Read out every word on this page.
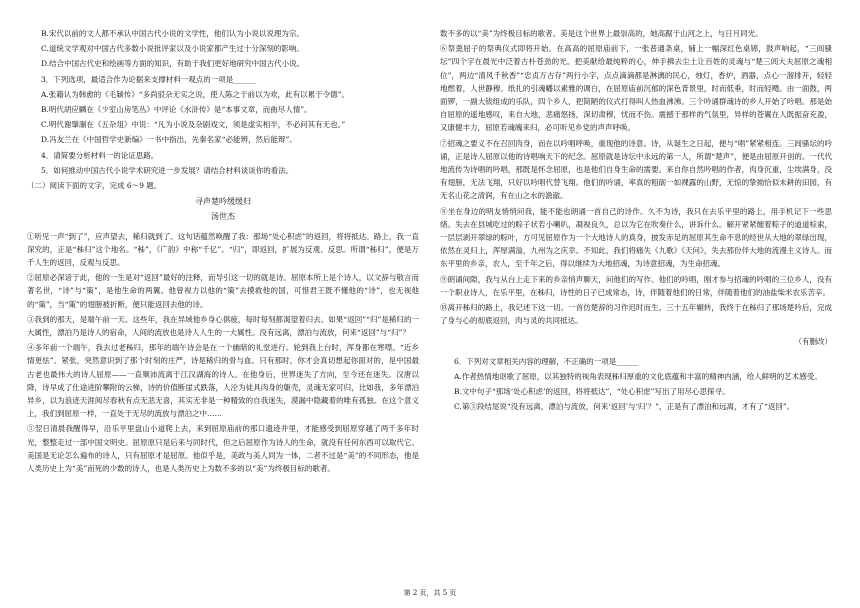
B.宋代以前的文人都不承认中国古代小说的文学性，他们认为小说以说理为宗。

C.道统文学观对中国古代多数小说批评家以及小说家都产生过十分深刻的影响。

D.结合中国古代史和绘画等方面的知识，有助于我们更好地研究中国古代小说。

3．下列选项，最适合作为论据来支撑材料一观点的一项是______

A.张籍认为韩愈的《毛颖传》“多尚驳杂无实之说，使人陈之于前以为欢，此有以累于令德”。

B.明代胡应麟在《少室山房笔丛》中评论《水浒传》是“本事文章，而曲尽人情”。

C.明代谢肇淛在《五杂俎》中说：“凡为小说及杂剧戏文，须是虚实相半，不必问其有无也。”

D.冯友兰在《中国哲学史新编》一书中指出，先秦名家“必能辨，然后能辩”。

4．请简要分析材料一的论证思路。

5．如何推动中国古代小说学术研究进一步发展？请结合材料谈谈你的看法。

（二）阅读下面的文字，完成 6～9 题。

寻声楚吟缓缓归

汤世杰

①听见一声“到了”，应声望去，稀归就到了。这句话蕴然唤醒了我：那场“处心积虑”的返回，将将抵达。路上，我一直深究的，正是“秭归”这个地名。“秭”，《广韵》中称“千亿”。“归”，即返回，扩展为反观、反思。所谓“秭归”，便是万千人生的返回，反观与反思。

②屈原必深谙于此，他的一生是对“返回”最好的注释，而导引这一切的就是诗。屈原本所上是个诗人，以文辞与敬言而著名世，“诗”与“策”，是他生命的两翼。他曾视力以他的“策”去摸救他的国，可惜君王既不懂他的“诗”，也无视他的“策”，当“策”的翅膀被折断，便只能返回去他的诗。

③我到的那天，是端午前一天。这些年，我在异域他乡身心俱疲，每时每刻都渴望着归去。如果“返回”“归”是稀归的一大属性，漂泊乃是诗人的宿命，人间的流放也是诗人人生的一大属性。没有远离，漂泊与流放，何来“返回”与“归”？

④多年前一个端午，我去过老秭归，那年的端午诗会是在一个幽暗的礼堂进行。轮到我上台时，浑身都在寒噤。“近乡情更怯”。紧张，突然意识到了那个时刻的庄严，诗是稀归的骨与血。只有那时，你才会真切想起你面对的，是中国最古老也最伟大的诗人屈原——一直顺沛流离于江汉湖海的诗人。在他身后，世界迷失了方向，至今还在迷失。汉唐以降，诗早成了仕途进阶攀附的云梯，诗的价值断崖式跌落，人沦为徒具肉身的躯壳，灵魂无家可归，比如我，多年漂泊异乡，以为浪迹天涯阅尽春秋有点无悲无喜，其实无非是一种精致的自我迷失，漠漏中隐藏着的唯有孤独。在这个意义上，我们到屈原一样，一直处于无尽的流放与漂泊之中……

⑤翌日清晨我醒得早，沿乐平里盘山小道爬上去，来到屈原庙前的那口遗迹井里，才能感受到屈原穿越了两千多年时光，整整走过一部中国文明史。屈原原只是后来与同时代，但之后屈原作为诗人的生命，就没有任何东西可以取代它。美国是无论怎么遍布的诗人，只有屈原才是屈原。他似乎是，美政与美人同为一体，二者不过是“美”的不同形态，他是人类历史上为“美”而死的少数的诗人，也是人类历史上为数不多的以“美”为终极目标的歌者。

数不多的以“美”为终极目标的歌者。美是这个世界上最崇高的，她高踞于山河之上，与日月同光。

⑥祭奠屈子的祭典仪式即将开始。在高高的屈原庙前下，一张普通条桌，铺上一幅深红色桌锦，鼓声响起，“三闾骚坛”四个字在晨光中泛着古朴苍劲的光。把美献给最纯粹的心，伸手拂去尘土让百姓的灵魂与“楚三闾大夫屈原之魂相位”，两边“清风千秋香”“忠贞万古存”两行小字，点点滴滴都是淋漓的民心，烛灯，香炉，酒器，点心一溜排开，轻轻地燃着，人世静穆。纸扎的引魂幡以素雅的调白，在屈原庙前沉郁的深色背景里，时而低垂，时而轻飏。由一面鼓，两面锣，一副大钹组成的乐队，四个乡人，把简陋的仪式打得叫人热血沸沸。三个吟诵群魂诗的乡人开始了吟唱。那是始自屈原的遥地感叹，来自大地，悲痛悠扬，深切肃穆，忧而不伤。震撼于那样的气氛里，异样的苍翼在人既振奋充盈，又康健丰力，屈原若魂魄来归，必可听见乡党的声声呼唤。

⑦招魂之要义不在召回肉身，而在以吟唱呼唤，重现他的诗意。诗，从诞生之日起，便与“唱”紧紧相连。三闾骚坛的吟诵，正是诗人屈原以他的诗唱响天下的纪念。屈原就是诗坛中永远的第一人，所谓“楚声”，便是由屈原开创的。一代代地流传为诗唱的吟唱，那既是怀念屈原，也是他们自身生命的需要。来自你自然吟唱的作者，肉身沉重，尘埃满身，没有翅膀，无法飞翔，只好以吟唱代替飞翔。他们的吟诵，率真的粗砺一如裸露的山野，无惊的挚拗恰似未耕的田园，有无名山花之清润，有在山之水的澹澈。

⑧坐在身边的明友悄悄问我，能不能也朗诵一首自己的诗作。久不为诗，我只在去乐平里的路上，用手机记下一些思绪。失去在县城吃过的粽子状若小喇叭，凝视良久，总以为它在吹奏什么，讲诉什么。解开紧紧缠着粽子的道道棕索，一层层剥开翠绿的粽叶，方可见屈原作为一个大地诗人的真身，披发赤足的屈原其生命不息的经世从大地的翠绿出现，依然在灵归上，浑厚满溢，九州为之庆幸。不知此，我们将痛失《九歌》《天问》，失去那份伴大地的流漫主义诗人。而东平里的乡亲，农人，至千年之后，得以继续为大地招魂，为诗意招魂，为生命招魂。

⑨朗诵间隙，我与从台上走下来的乡亲悄声聊天，问他们的写作。他们的吟唱，刚才参与招魂的吟唱的三位乡人，没有一个职业诗人，在乐平里，在秭归，诗性的日子已成常态，诗，伴随着他们的日常，伴随着他们的油盐柴米农乐苦辛。

⑩离开秭归的路上，我记述下这一切。一首仿楚辞的习作迟时而生。三十五年辗转，我终于在秭归了那场楚吟后，完成了身与心的彻底返回，肉与灵的共同抵达。

（有删改）

6．下列对文章相关内容的理解，不正确的一项是______

A.作者热情地讴歌了屈原，以其独特的视角表现秭归厚重的文化底蕴和丰富的精神内涵，给人鲜明的艺术感受。

B.文中句子“那场‘处心积虑’的返回，将将抵达”，“处心积虑”写出了用尽心思探寻。

C.第③段结尾说“没有远离，漂泊与流放，何来‘返回’与‘归’？”，正是有了漂泊和远离，才有了“返回”。

第 2 页，共 5 页
